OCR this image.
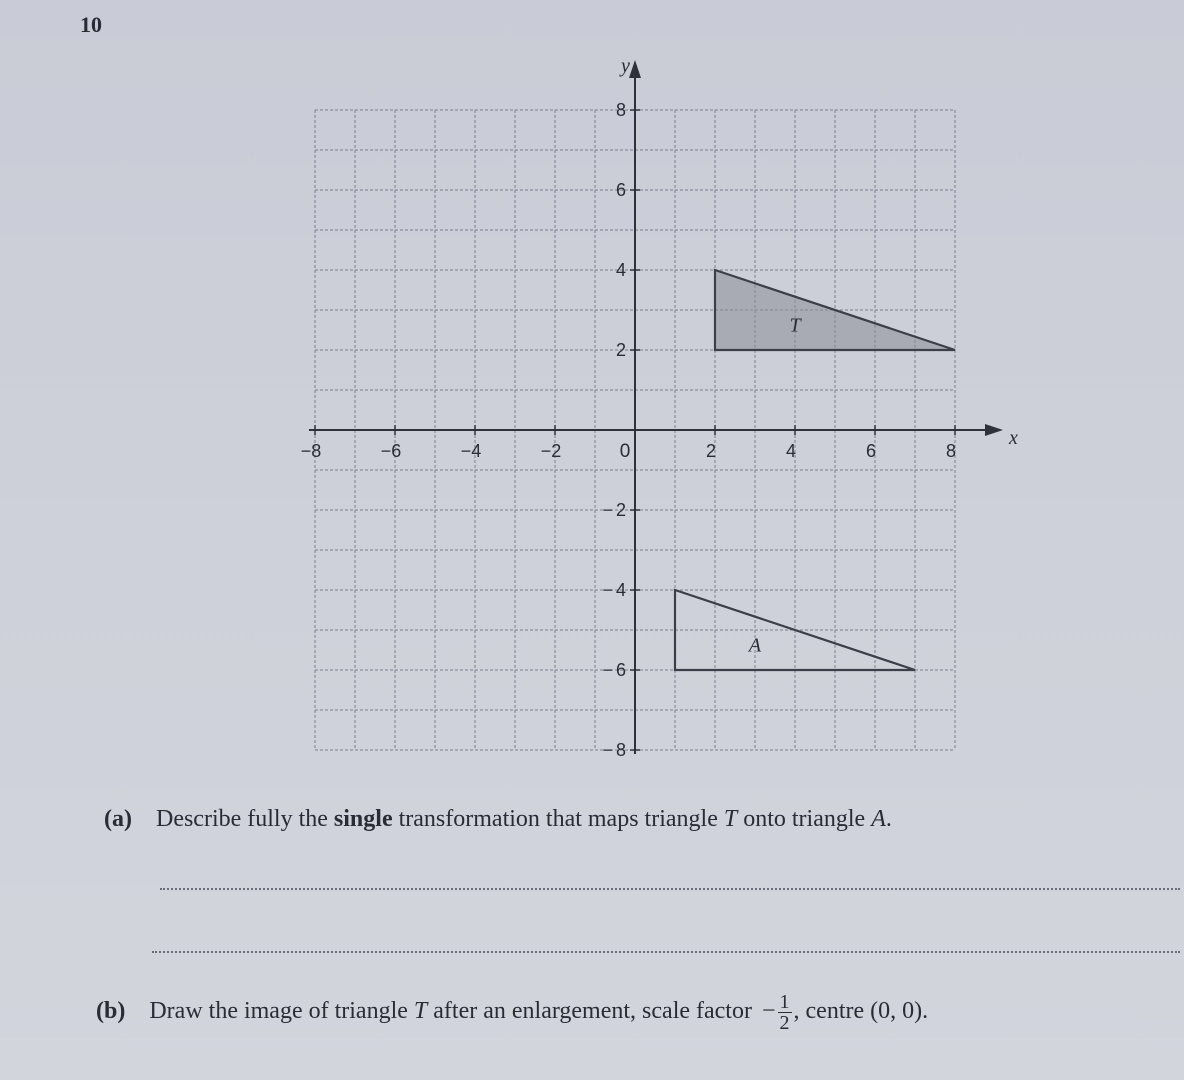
10
T
A
−8	−6	−4	−2	2	4	6	8
8
6
4
2
2
−
4
−
6
−
8
−
0
x
y
(a) Describe fully the single transformation that maps triangle T onto triangle A.
(b) Draw the image of triangle T after an enlargement, scale factor − $\frac{1}{2}$ , centre (0, 0).
